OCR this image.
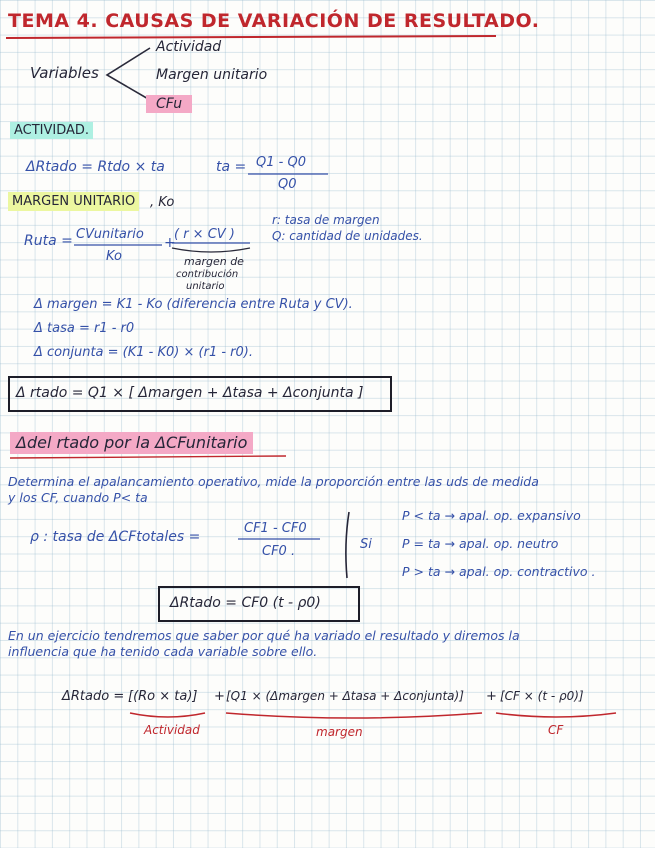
TEMA 4. CAUSAS DE VARIACIÓN DE RESULTADO.
Variables
Actividad
Margen unitario
CFu
ACTIVIDAD.
ΔRtado = Rtdo × ta	ta = Q1 - Q0
Q0
MARGEN UNITARIO	, Ko
r: tasa de margen
Q: cantidad de unidades.
Ruta = CVunitario
Ko
+
( r × CV )
margen de
contribución
unitario
Δ margen = K1 - Ko (diferencia entre Ruta y CV).
Δ tasa = r1 - r0
Δ conjunta = (K1 - K0) × (r1 - r0).
Δ rtado = Q1 × [ Δmargen + Δtasa + Δconjunta ]
Δdel rtado por la ΔCFunitario
Determina el apalancamiento operativo, mide la proporción entre las uds de medida
y los CF, cuando P< ta
ρ : tasa de ΔCFtotales =
CF1 - CF0
CF0 .	Si
P < ta → apal. op. expansivo
P = ta → apal. op. neutro
P > ta → apal. op. contractivo .
ΔRtado = CF0 (t - ρ0)
En un ejercicio tendremos que saber por qué ha variado el resultado y diremos la
influencia que ha tenido cada variable sobre ello.
ΔRtado = [(Ro × ta)] + [Q1 × (Δmargen + Δtasa + Δconjunta)] + [CF × (t - ρ0)]
Actividad	margen	CF
